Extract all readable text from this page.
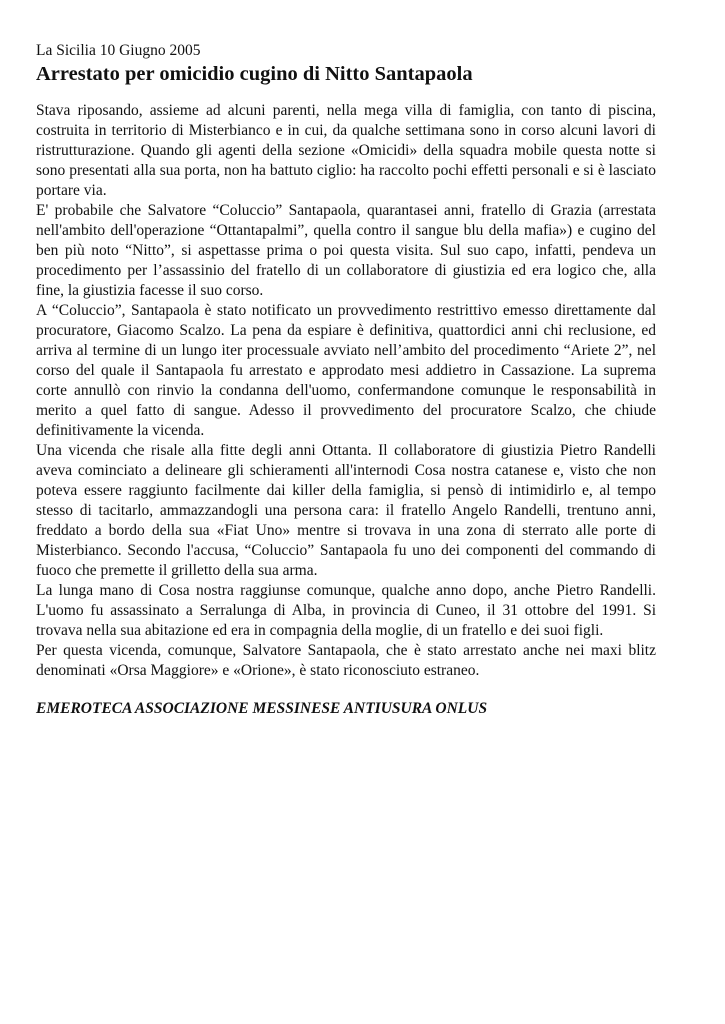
La Sicilia 10 Giugno 2005

Arrestato per omicidio cugino di Nitto Santapaola

Stava riposando, assieme ad alcuni parenti, nella mega villa di famiglia, con tanto di piscina, costruita in territorio di Misterbianco e in cui, da qualche settimana sono in corso alcuni lavori di ristrutturazione. Quando gli agenti della sezione «Omicidi» della squadra mobile questa notte si sono presentati alla sua porta, non ha battuto ciglio: ha raccolto pochi effetti personali e si è lasciato portare via.

E' probabile che Salvatore “Coluccio” Santapaola, quarantasei anni, fratello di Grazia (arrestata nell'ambito dell'operazione “Ottantapalmi”, quella contro il sangue blu della mafia») e cugino del ben più noto “Nitto”, si aspettasse prima o poi questa visita. Sul suo capo, infatti, pendeva un procedimento per l’assassinio del fratello di un collaboratore di giustizia ed era logico che, alla fine, la giustizia facesse il suo corso.

A “Coluccio”, Santapaola è stato notificato un provvedimento restrittivo emesso direttamente dal procuratore, Giacomo Scalzo. La pena da espiare è definitiva, quattordici anni chi reclusione, ed arriva al termine di un lungo iter processuale avviato nell’ambito del procedimento “Ariete 2”, nel corso del quale il Santapaola fu arrestato e approdato mesi addietro in Cassazione. La suprema corte annullò con rinvio la condanna dell'uomo, confermandone comunque le responsabilità in merito a quel fatto di sangue. Adesso il provvedimento del procuratore Scalzo, che chiude definitivamente la vicenda.

Una vicenda che risale alla fitte degli anni Ottanta. Il collaboratore di giustizia Pietro Randelli aveva cominciato a delineare gli schieramenti all'internodi Cosa nostra catanese e, visto che non poteva essere raggiunto facilmente dai killer della famiglia, si pensò di intimidirlo e, al tempo stesso di tacitarlo, ammazzandogli una persona cara: il fratello Angelo Randelli, trentuno anni, freddato a bordo della sua «Fiat Uno» mentre si trovava in una zona di sterrato alle porte di Misterbianco. Secondo l'accusa, “Coluccio” Santapaola fu uno dei componenti del commando di fuoco che premette il grilletto della sua arma.

La lunga mano di Cosa nostra raggiunse comunque, qualche anno dopo, anche Pietro Randelli. L'uomo fu assassinato a Serralunga di Alba, in provincia di Cuneo, il 31 ottobre del 1991. Si trovava nella sua abitazione ed era in compagnia della moglie, di un fratello e dei suoi figli.

Per questa vicenda, comunque, Salvatore Santapaola, che è stato arrestato anche nei maxi blitz denominati «Orsa Maggiore» e «Orione», è stato riconosciuto estraneo.

EMEROTECA ASSOCIAZIONE MESSINESE ANTIUSURA ONLUS
